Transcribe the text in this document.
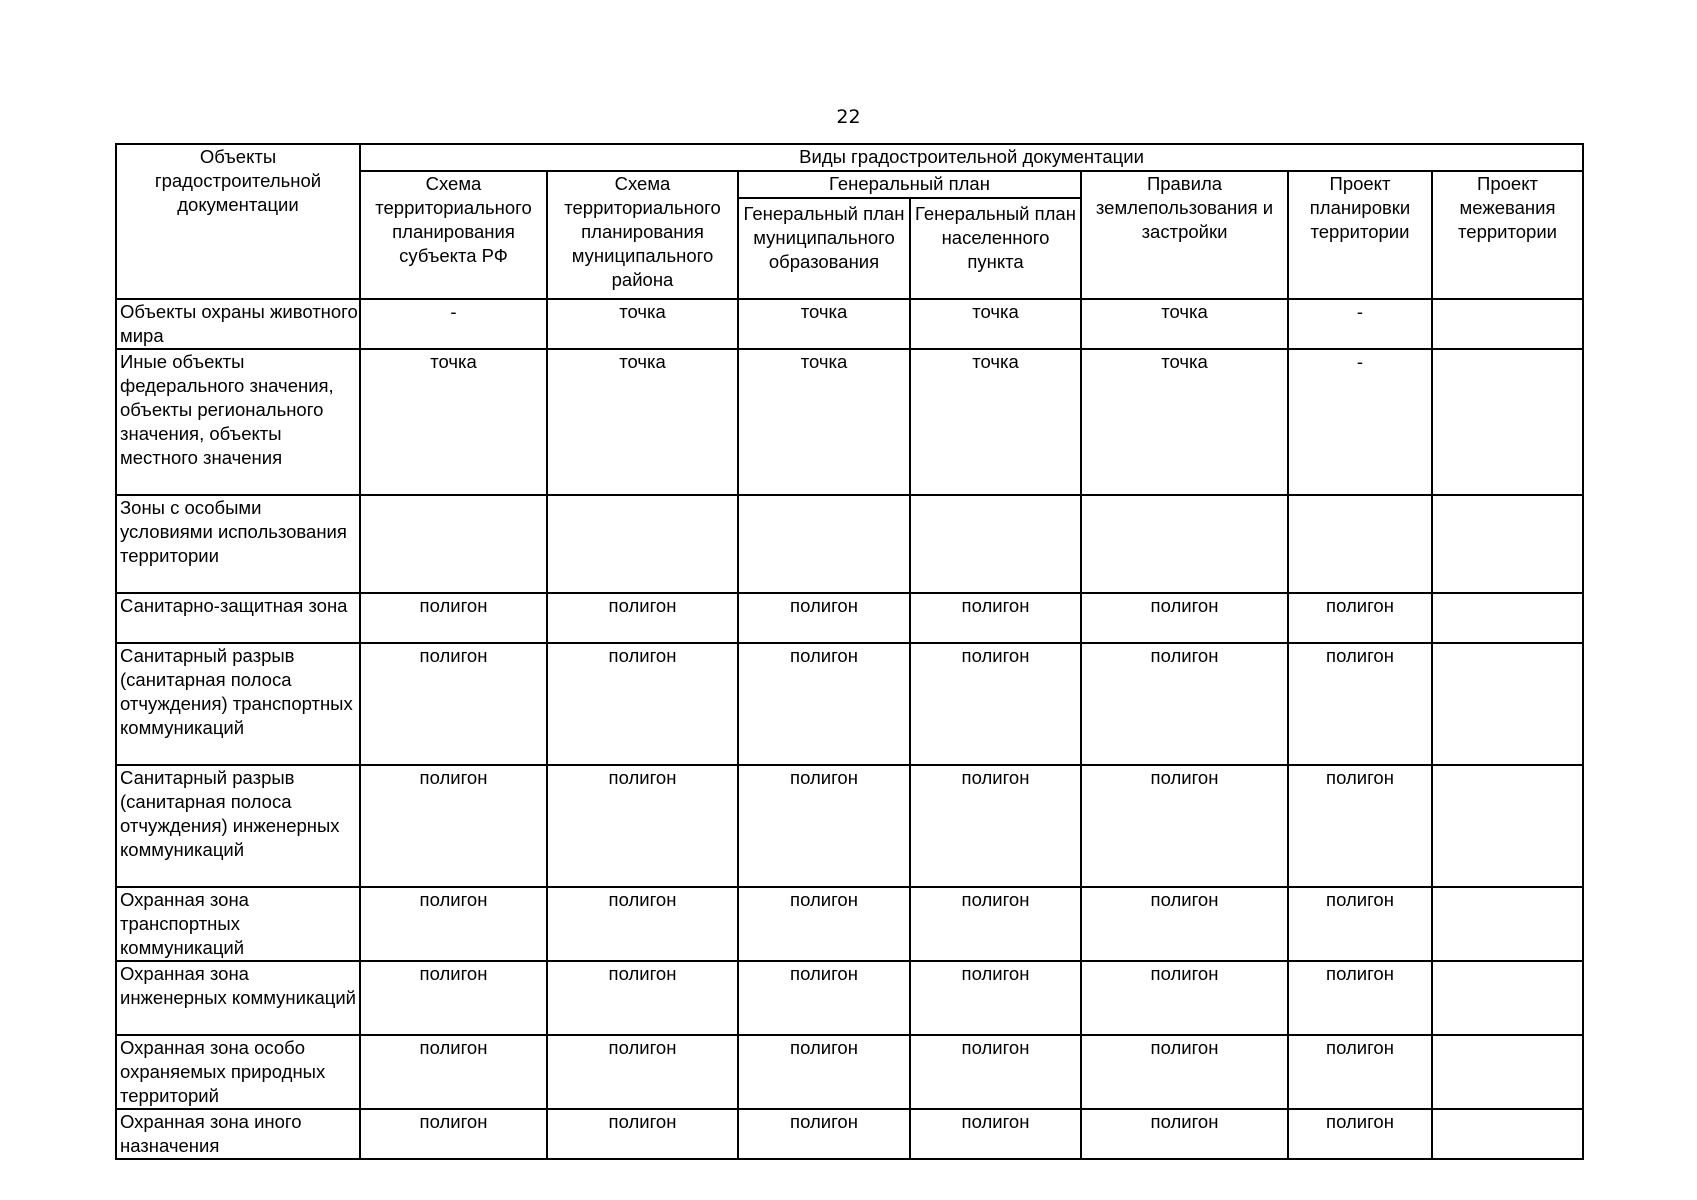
22
Объекты градостроительной документации	Виды градостроительной документации						
	Схема территориального планирования субъекта РФ	Схема территориального планирования муниципального района	Генеральный план		Правила землепользования и застройки	Проект планировки территории	Проект межевания территории
			Генеральный план муниципального образования	Генеральный план населенного пункта			
Объекты охраны животного мира	-	точка	точка	точка	точка	-	
Иные объекты федерального значения, объекты регионального значения, объекты местного значения	точка	точка	точка	точка	точка	-	
Зоны с особыми условиями использования территории							
Санитарно-защитная зона	полигон	полигон	полигон	полигон	полигон	полигон	
Санитарный разрыв (санитарная полоса отчуждения) транспортных коммуникаций	полигон	полигон	полигон	полигон	полигон	полигон	
Санитарный разрыв (санитарная полоса отчуждения) инженерных коммуникаций	полигон	полигон	полигон	полигон	полигон	полигон	
Охранная зона транспортных коммуникаций	полигон	полигон	полигон	полигон	полигон	полигон	
Охранная зона инженерных коммуникаций	полигон	полигон	полигон	полигон	полигон	полигон	
Охранная зона особо охраняемых природных территорий	полигон	полигон	полигон	полигон	полигон	полигон	
Охранная зона иного назначения	полигон	полигон	полигон	полигон	полигон	полигон	
